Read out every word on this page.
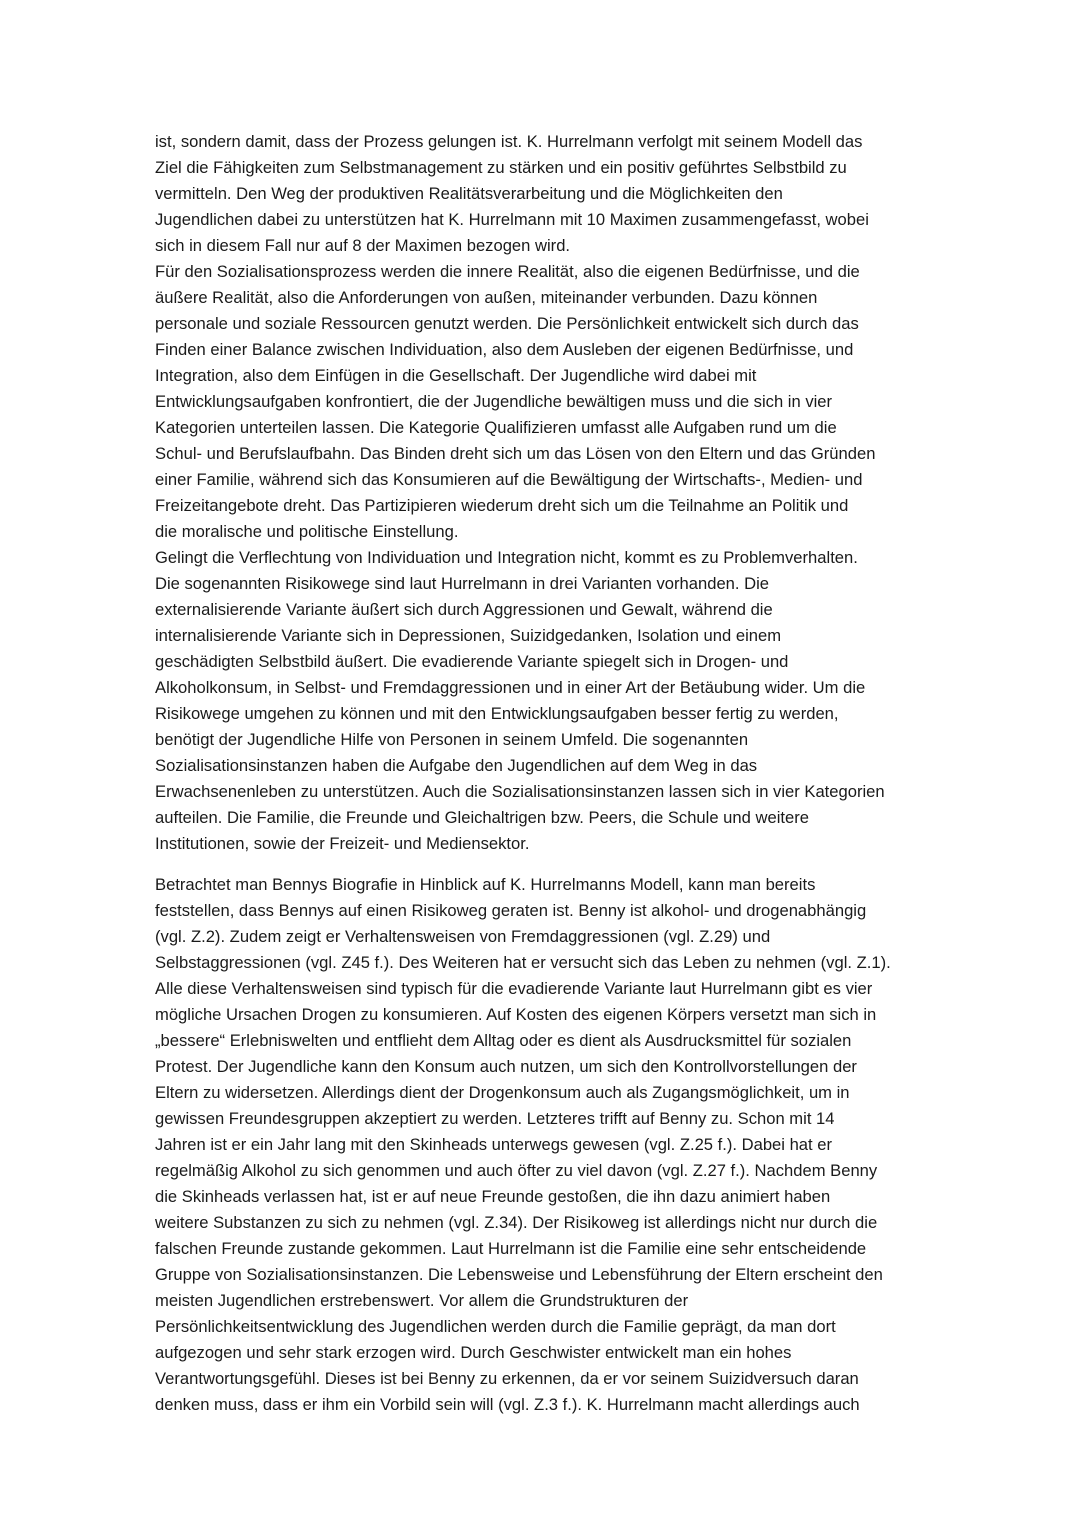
ist, sondern damit, dass der Prozess gelungen ist. K. Hurrelmann verfolgt mit seinem Modell das
Ziel die Fähigkeiten zum Selbstmanagement zu stärken und ein positiv geführtes Selbstbild zu
vermitteln. Den Weg der produktiven Realitätsverarbeitung und die Möglichkeiten den
Jugendlichen dabei zu unterstützen hat K. Hurrelmann mit 10 Maximen zusammengefasst, wobei
sich in diesem Fall nur auf 8 der Maximen bezogen wird.
Für den Sozialisationsprozess werden die innere Realität, also die eigenen Bedürfnisse, und die
äußere Realität, also die Anforderungen von außen, miteinander verbunden. Dazu können
personale und soziale Ressourcen genutzt werden. Die Persönlichkeit entwickelt sich durch das
Finden einer Balance zwischen Individuation, also dem Ausleben der eigenen Bedürfnisse, und
Integration, also dem Einfügen in die Gesellschaft. Der Jugendliche wird dabei mit
Entwicklungsaufgaben konfrontiert, die der Jugendliche bewältigen muss und die sich in vier
Kategorien unterteilen lassen. Die Kategorie Qualifizieren umfasst alle Aufgaben rund um die
Schul- und Berufslaufbahn. Das Binden dreht sich um das Lösen von den Eltern und das Gründen
einer Familie, während sich das Konsumieren auf die Bewältigung der Wirtschafts-, Medien- und
Freizeitangebote dreht. Das Partizipieren wiederum dreht sich um die Teilnahme an Politik und
die moralische und politische Einstellung.
Gelingt die Verflechtung von Individuation und Integration nicht, kommt es zu Problemverhalten.
Die sogenannten Risikowege sind laut Hurrelmann in drei Varianten vorhanden. Die
externalisierende Variante äußert sich durch Aggressionen und Gewalt, während die
internalisierende Variante sich in Depressionen, Suizidgedanken, Isolation und einem
geschädigten Selbstbild äußert. Die evadierende Variante spiegelt sich in Drogen- und
Alkoholkonsum, in Selbst- und Fremdaggressionen und in einer Art der Betäubung wider. Um die
Risikowege umgehen zu können und mit den Entwicklungsaufgaben besser fertig zu werden,
benötigt der Jugendliche Hilfe von Personen in seinem Umfeld. Die sogenannten
Sozialisationsinstanzen haben die Aufgabe den Jugendlichen auf dem Weg in das
Erwachsenenleben zu unterstützen. Auch die Sozialisationsinstanzen lassen sich in vier Kategorien
aufteilen. Die Familie, die Freunde und Gleichaltrigen bzw. Peers, die Schule und weitere
Institutionen, sowie der Freizeit- und Mediensektor.
Betrachtet man Bennys Biografie in Hinblick auf K. Hurrelmanns Modell, kann man bereits
feststellen, dass Bennys auf einen Risikoweg geraten ist. Benny ist alkohol- und drogenabhängig
(vgl. Z.2). Zudem zeigt er Verhaltensweisen von Fremdaggressionen (vgl. Z.29) und
Selbstaggressionen (vgl. Z45 f.). Des Weiteren hat er versucht sich das Leben zu nehmen (vgl. Z.1).
Alle diese Verhaltensweisen sind typisch für die evadierende Variante laut Hurrelmann gibt es vier
mögliche Ursachen Drogen zu konsumieren. Auf Kosten des eigenen Körpers versetzt man sich in
„bessere“ Erlebniswelten und entflieht dem Alltag oder es dient als Ausdrucksmittel für sozialen
Protest. Der Jugendliche kann den Konsum auch nutzen, um sich den Kontrollvorstellungen der
Eltern zu widersetzen. Allerdings dient der Drogenkonsum auch als Zugangsmöglichkeit, um in
gewissen Freundesgruppen akzeptiert zu werden. Letzteres trifft auf Benny zu. Schon mit 14
Jahren ist er ein Jahr lang mit den Skinheads unterwegs gewesen (vgl. Z.25 f.). Dabei hat er
regelmäßig Alkohol zu sich genommen und auch öfter zu viel davon (vgl. Z.27 f.). Nachdem Benny
die Skinheads verlassen hat, ist er auf neue Freunde gestoßen, die ihn dazu animiert haben
weitere Substanzen zu sich zu nehmen (vgl. Z.34). Der Risikoweg ist allerdings nicht nur durch die
falschen Freunde zustande gekommen. Laut Hurrelmann ist die Familie eine sehr entscheidende
Gruppe von Sozialisationsinstanzen. Die Lebensweise und Lebensführung der Eltern erscheint den
meisten Jugendlichen erstrebenswert. Vor allem die Grundstrukturen der
Persönlichkeitsentwicklung des Jugendlichen werden durch die Familie geprägt, da man dort
aufgezogen und sehr stark erzogen wird. Durch Geschwister entwickelt man ein hohes
Verantwortungsgefühl. Dieses ist bei Benny zu erkennen, da er vor seinem Suizidversuch daran
denken muss, dass er ihm ein Vorbild sein will (vgl. Z.3 f.). K. Hurrelmann macht allerdings auch
